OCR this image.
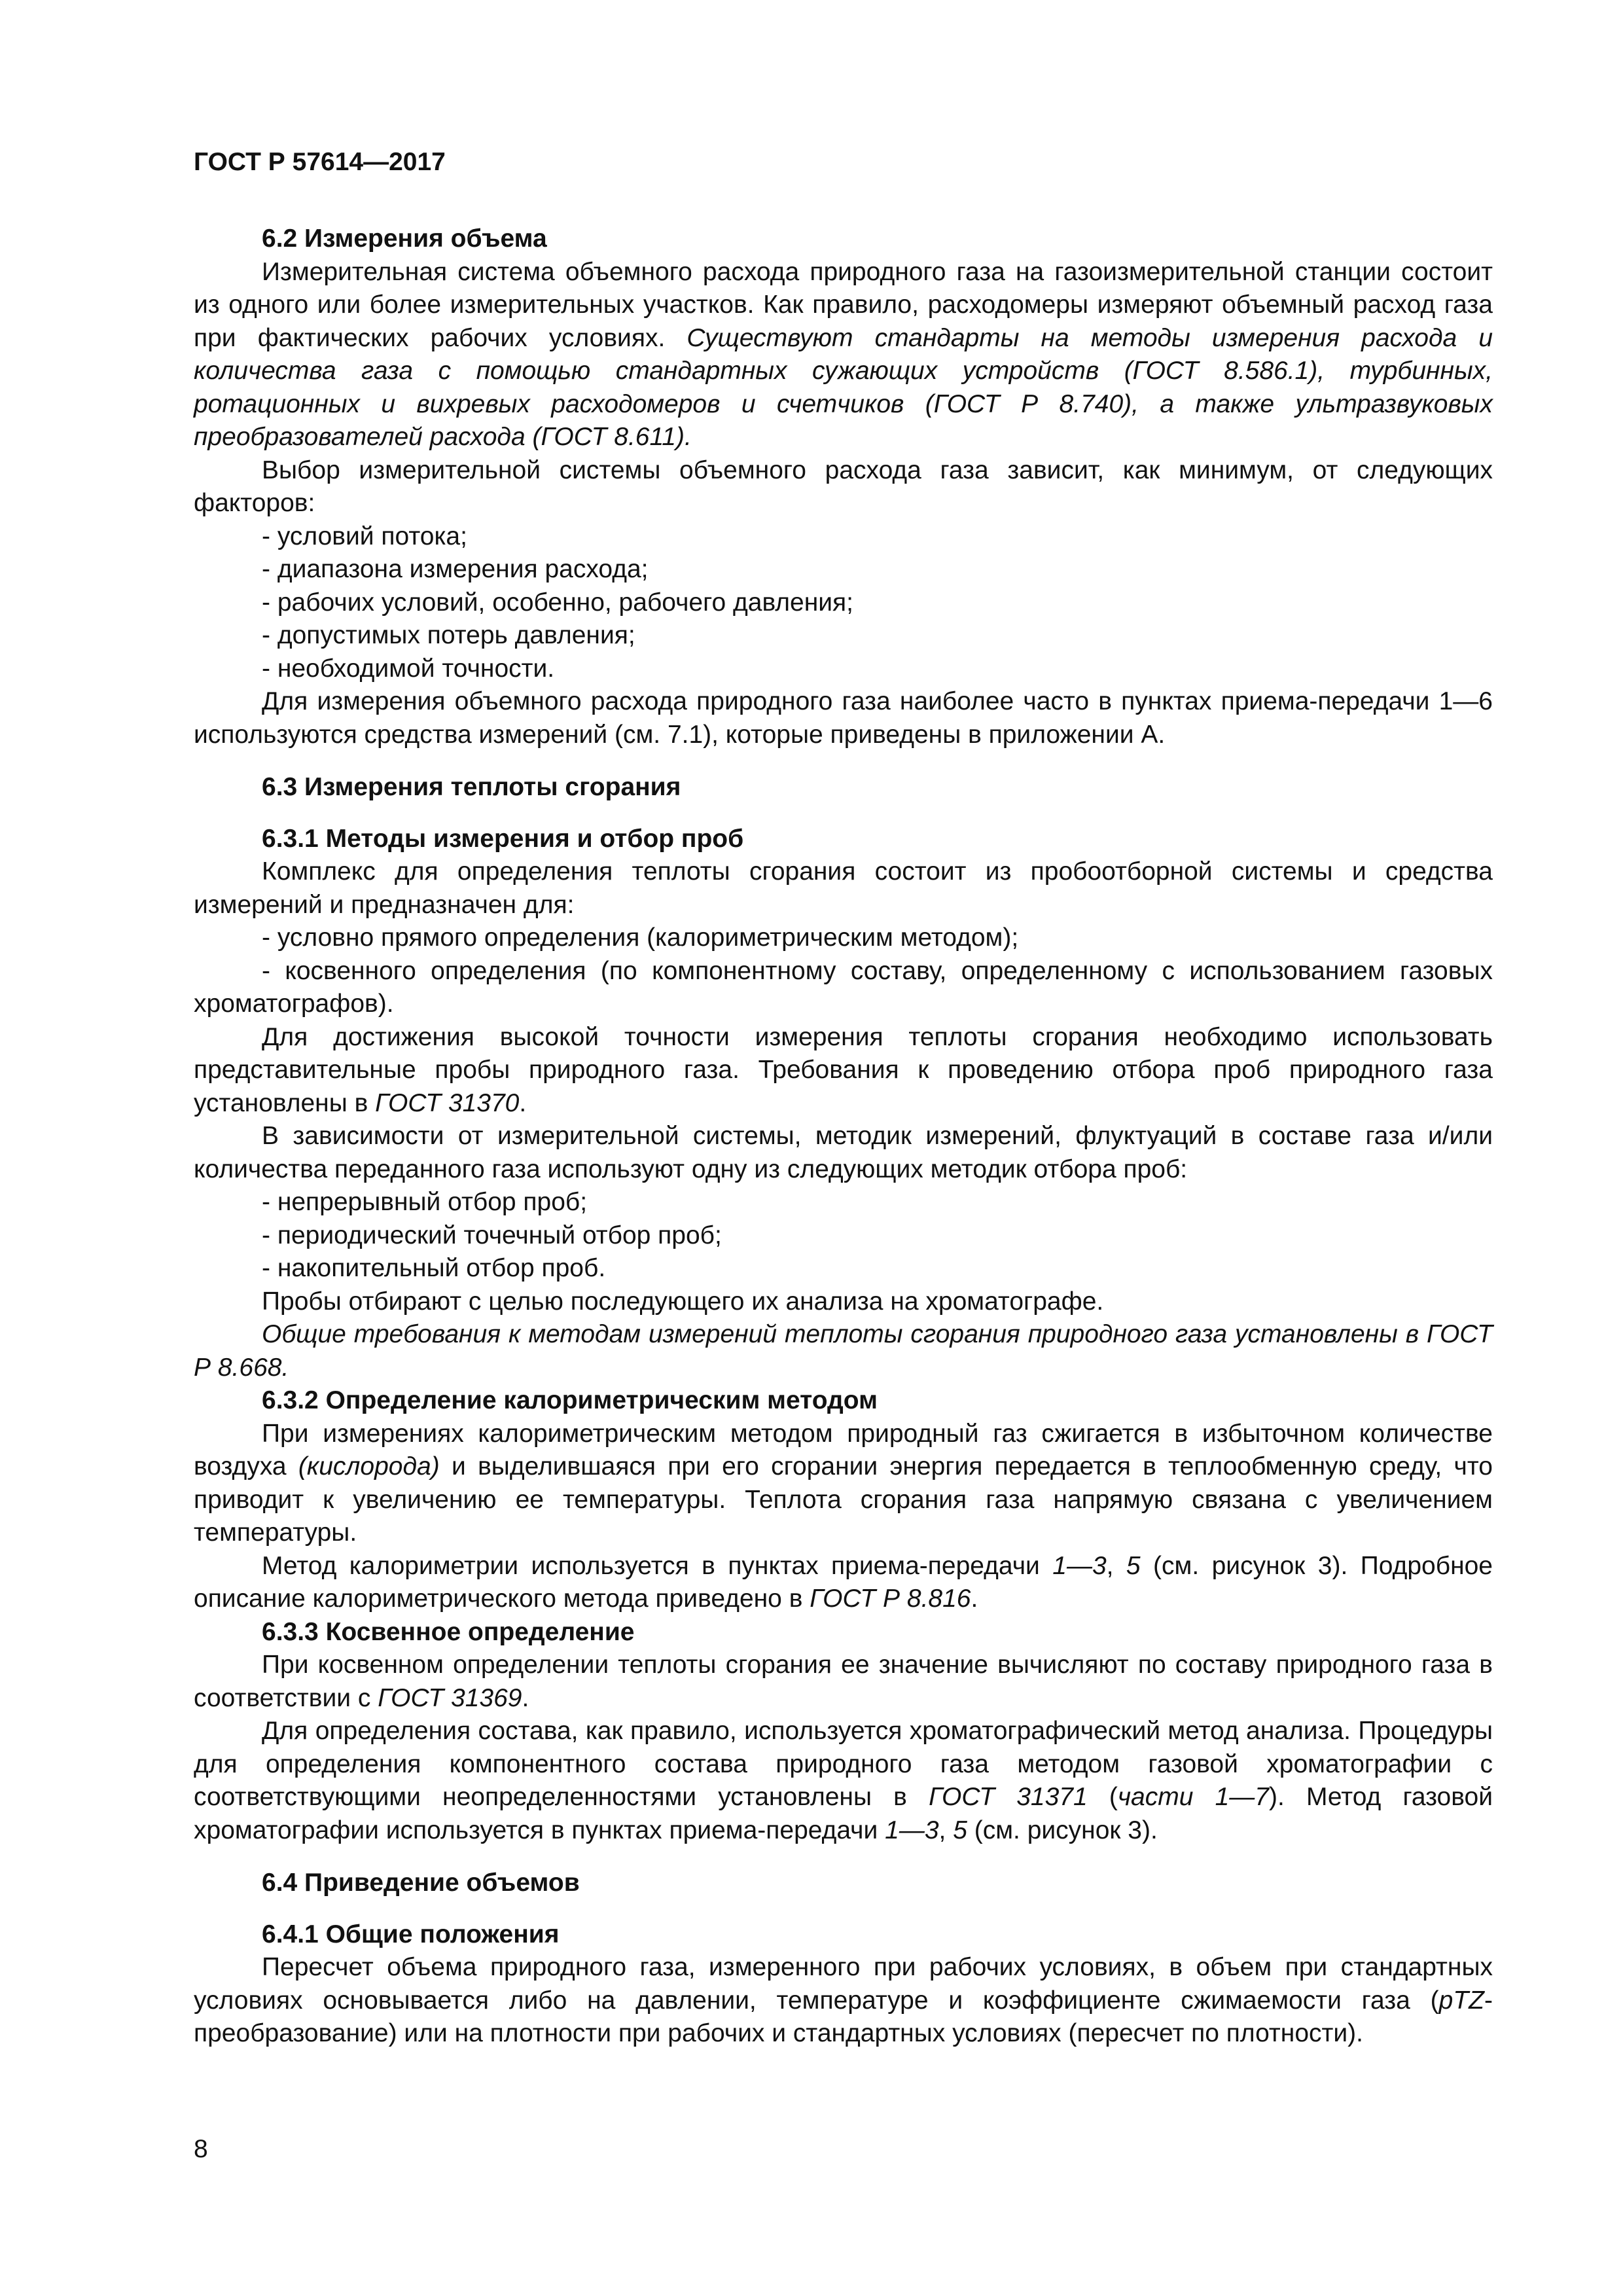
ГОСТ Р 57614—2017

6.2 Измерения объема

Измерительная система объемного расхода природного газа на газоизмерительной станции состоит из одного или более измерительных участков. Как правило, расходомеры измеряют объемный расход газа при фактических рабочих условиях. Существуют стандарты на методы измерения расхода и количества газа с помощью стандартных сужающих устройств (ГОСТ 8.586.1), турбинных, ротационных и вихревых расходомеров и счетчиков (ГОСТ Р 8.740), а также ультразвуковых преобразователей расхода (ГОСТ 8.611).

Выбор измерительной системы объемного расхода газа зависит, как минимум, от следующих факторов:

- условий потока;

- диапазона измерения расхода;

- рабочих условий, особенно, рабочего давления;

- допустимых потерь давления;

- необходимой точности.

Для измерения объемного расхода природного газа наиболее часто в пунктах приема-передачи 1—6 используются средства измерений (см. 7.1), которые приведены в приложении А.

6.3 Измерения теплоты сгорания

6.3.1 Методы измерения и отбор проб

Комплекс для определения теплоты сгорания состоит из пробоотборной системы и средства измерений и предназначен для:

- условно прямого определения (калориметрическим методом);

- косвенного определения (по компонентному составу, определенному с использованием газовых хроматографов).

Для достижения высокой точности измерения теплоты сгорания необходимо использовать представительные пробы природного газа. Требования к проведению отбора проб природного газа установлены в ГОСТ 31370.

В зависимости от измерительной системы, методик измерений, флуктуаций в составе газа и/или количества переданного газа используют одну из следующих методик отбора проб:

- непрерывный отбор проб;

- периодический точечный отбор проб;

- накопительный отбор проб.

Пробы отбирают с целью последующего их анализа на хроматографе.

Общие требования к методам измерений теплоты сгорания природного газа установлены в ГОСТ Р 8.668.

6.3.2 Определение калориметрическим методом

При измерениях калориметрическим методом природный газ сжигается в избыточном количестве воздуха (кислорода) и выделившаяся при его сгорании энергия передается в теплообменную среду, что приводит к увеличению ее температуры. Теплота сгорания газа напрямую связана с увеличением температуры.

Метод калориметрии используется в пунктах приема-передачи 1—3, 5 (см. рисунок 3). Подробное описание калориметрического метода приведено в ГОСТ Р 8.816.

6.3.3 Косвенное определение

При косвенном определении теплоты сгорания ее значение вычисляют по составу природного газа в соответствии с ГОСТ 31369.

Для определения состава, как правило, используется хроматографический метод анализа. Процедуры для определения компонентного состава природного газа методом газовой хроматографии с соответствующими неопределенностями установлены в ГОСТ 31371 (части 1—7). Метод газовой хроматографии используется в пунктах приема-передачи 1—3, 5 (см. рисунок 3).

6.4 Приведение объемов

6.4.1 Общие положения

Пересчет объема природного газа, измеренного при рабочих условиях, в объем при стандартных условиях основывается либо на давлении, температуре и коэффициенте сжимаемости газа (pTZ-преобразование) или на плотности при рабочих и стандартных условиях (пересчет по плотности).

8
